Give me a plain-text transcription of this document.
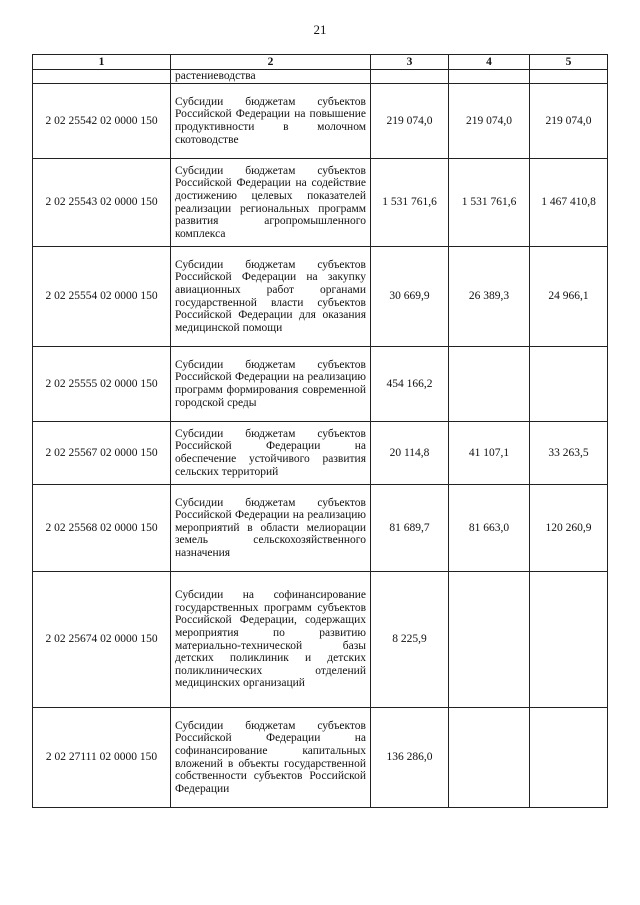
21
1	2	3	4	5
	растениеводства			
2 02 25542 02 0000 150	Субсидии бюджетам субъектов Российской Федерации на повышение продуктивности в молочном скотоводстве	219 074,0	219 074,0	219 074,0
2 02 25543 02 0000 150	Субсидии бюджетам субъектов Российской Федерации на содействие достижению целевых показателей реализации региональных программ развития агропромышленного комплекса	1 531 761,6	1 531 761,6	1 467 410,8
2 02 25554 02 0000 150	Субсидии бюджетам субъектов Российской Федерации на закупку авиационных работ органами государственной власти субъектов Российской Федерации для оказания медицинской помощи	30 669,9	26 389,3	24 966,1
2 02 25555 02 0000 150	Субсидии бюджетам субъектов Российской Федерации на реализацию программ формирования современной городской среды	454 166,2		
2 02 25567 02 0000 150	Субсидии бюджетам субъектов Российской Федерации на обеспечение устойчивого развития сельских территорий	20 114,8	41 107,1	33 263,5
2 02 25568 02 0000 150	Субсидии бюджетам субъектов Российской Федерации на реализацию мероприятий в области мелиорации земель сельскохозяйственного назначения	81 689,7	81 663,0	120 260,9
2 02 25674 02 0000 150	Субсидии на софинансирование государственных программ субъектов Российской Федерации, содержащих мероприятия по развитию материально-технической базы детских поликлиник и детских поликлинических отделений медицинских организаций	8 225,9		
2 02 27111 02 0000 150	Субсидии бюджетам субъектов Российской Федерации на софинансирование капитальных вложений в объекты государственной собственности субъектов Российской Федерации	136 286,0		
